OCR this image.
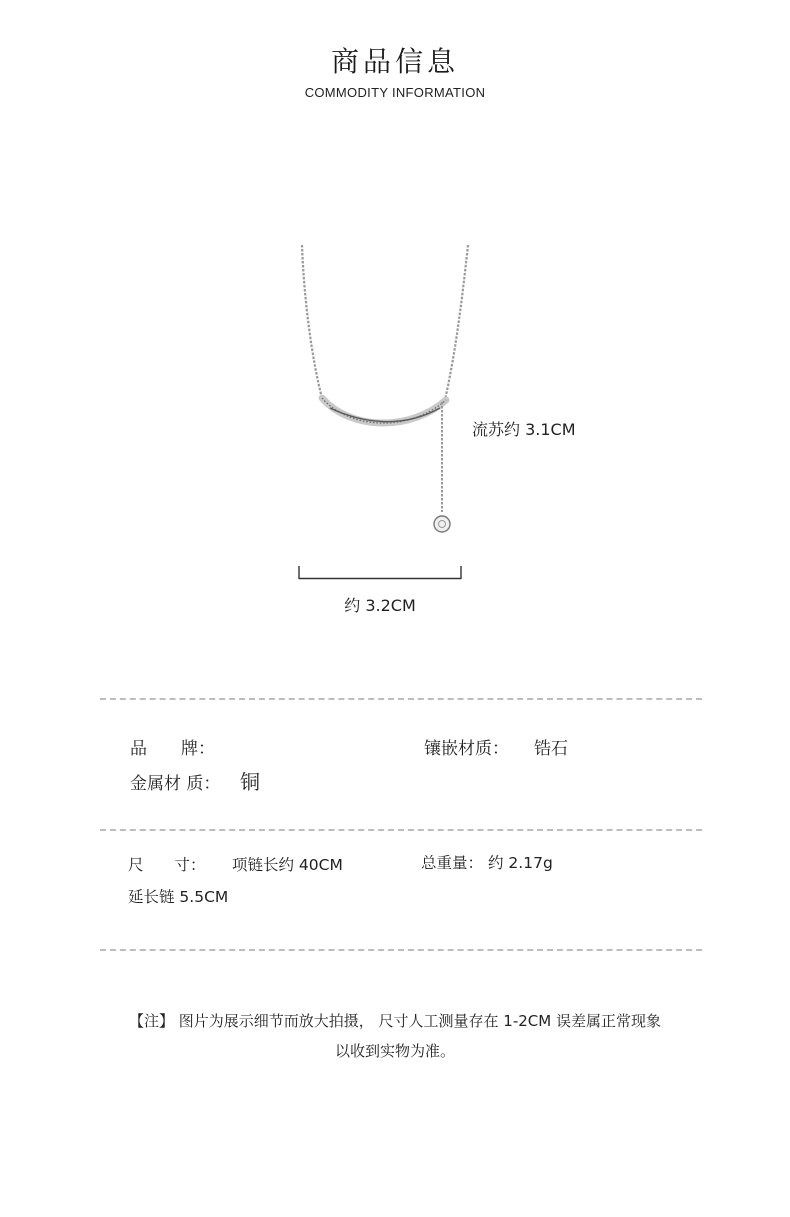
商品信息
COMMODITY INFORMATION
流苏约 3.1CM
约 3.2CM
品　　牌：	镶嵌材质： 锆石
金属材 质： 铜
尺　　寸： 项链长约 40CM	总重量： 约 2.17g
延长链 5.5CM
【注】 图片为展示细节而放大拍摄， 尺寸人工测量存在 1-2CM 误差属正常现象
以收到实物为准。
